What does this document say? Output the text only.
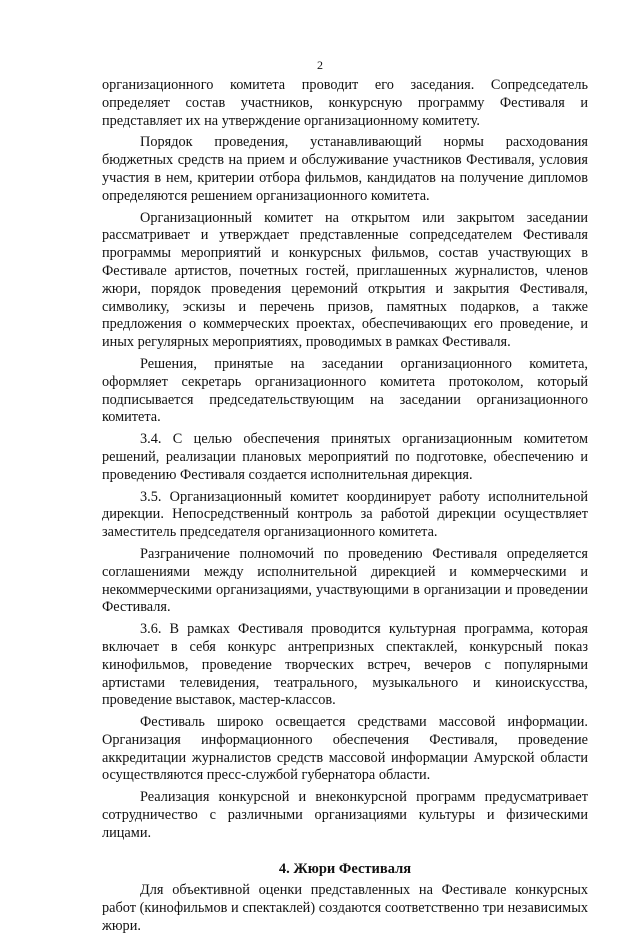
2

организационного комитета проводит его заседания. Сопредседатель определяет состав участников, конкурсную программу Фестиваля и представляет их на утверждение организационному комитету.

Порядок проведения, устанавливающий нормы расходования бюджетных средств на прием и обслуживание участников Фестиваля, условия участия в нем, критерии отбора фильмов, кандидатов на получение дипломов определяются решением организационного комитета.

Организационный комитет на открытом или закрытом заседании рассматривает и утверждает представленные сопредседателем Фестиваля программы мероприятий и конкурсных фильмов, состав участвующих в Фестивале артистов, почетных гостей, приглашенных журналистов, членов жюри, порядок проведения церемоний открытия и закрытия Фестиваля, символику, эскизы и перечень призов, памятных подарков, а также предложения о коммерческих проектах, обеспечивающих его проведение, и иных регулярных мероприятиях, проводимых в рамках Фестиваля.

Решения, принятые на заседании организационного комитета, оформляет секретарь организационного комитета протоколом, который подписывается председательствующим на заседании организационного комитета.

3.4. С целью обеспечения принятых организационным комитетом решений, реализации плановых мероприятий по подготовке, обеспечению и проведению Фестиваля создается исполнительная дирекция.

3.5. Организационный комитет координирует работу исполнительной дирекции. Непосредственный контроль за работой дирекции осуществляет заместитель председателя организационного комитета.

Разграничение полномочий по проведению Фестиваля определяется соглашениями между исполнительной дирекцией и коммерческими и некоммерческими организациями, участвующими в организации и проведении Фестиваля.

3.6. В рамках Фестиваля проводится культурная программа, которая включает в себя конкурс антрепризных спектаклей, конкурсный показ кинофильмов, проведение творческих встреч, вечеров с популярными артистами телевидения, театрального, музыкального и киноискусства, проведение выставок, мастер-классов.

Фестиваль широко освещается средствами массовой информации. Организация информационного обеспечения Фестиваля, проведение аккредитации журналистов средств массовой информации Амурской области осуществляются пресс-службой губернатора области.

Реализация конкурсной и внеконкурсной программ предусматривает сотрудничество с различными организациями культуры и физическими лицами.

4. Жюри Фестиваля

Для объективной оценки представленных на Фестивале конкурсных работ (кинофильмов и спектаклей) создаются соответственно три независимых жюри.
